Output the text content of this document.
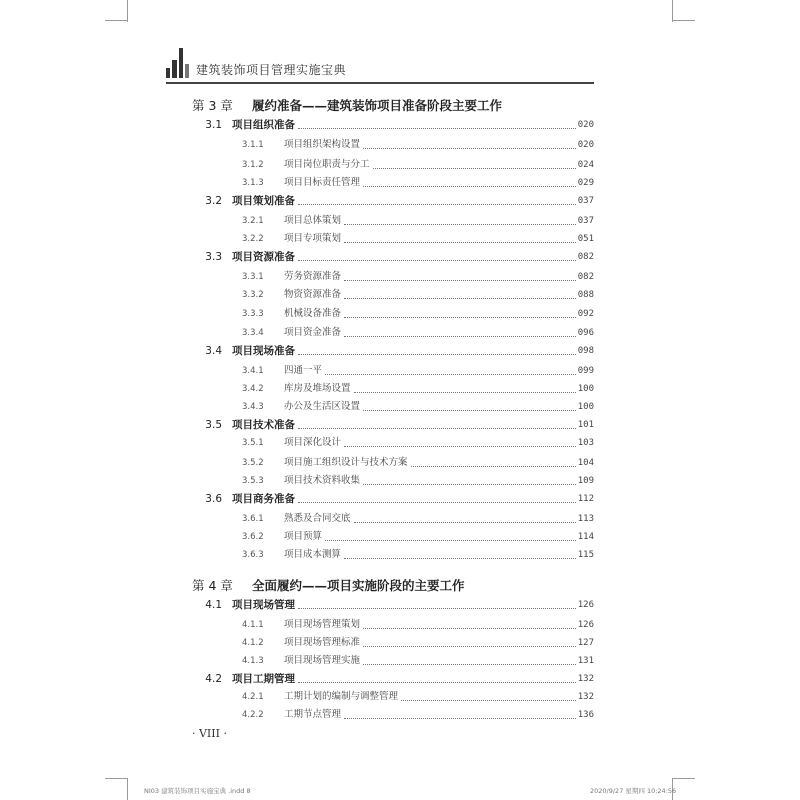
建筑装饰项目管理实施宝典
第 3 章 履约准备——建筑装饰项目准备阶段主要工作
3.1 项目组织准备	020
3.1.1	项目组织架构设置	020
3.1.2	项目岗位职责与分工	024
3.1.3	项目目标责任管理	029
3.2 项目策划准备	037
3.2.1	项目总体策划	037
3.2.2	项目专项策划	051
3.3 项目资源准备	082
3.3.1	劳务资源准备	082
3.3.2	物资资源准备	088
3.3.3	机械设备准备	092
3.3.4	项目资金准备	096
3.4 项目现场准备	098
3.4.1	四通一平	099
3.4.2	库房及堆场设置	100
3.4.3	办公及生活区设置	100
3.5 项目技术准备	101
3.5.1	项目深化设计	103
3.5.2	项目施工组织设计与技术方案	104
3.5.3	项目技术资料收集	109
3.6 项目商务准备	112
3.6.1	熟悉及合同交底	113
3.6.2	项目预算	114
3.6.3	项目成本测算	115
第 4 章 全面履约——项目实施阶段的主要工作
4.1 项目现场管理	126
4.1.1	项目现场管理策划	126
4.1.2	项目现场管理标准	127
4.1.3	项目现场管理实施	131
4.2 项目工期管理	132
4.2.1	工期计划的编制与调整管理	132
4.2.2	工期节点管理	136
· VIII ·
NI03 建筑装饰项目实施宝典 .indd 8	2020/9/27 星期四 10:24:56
